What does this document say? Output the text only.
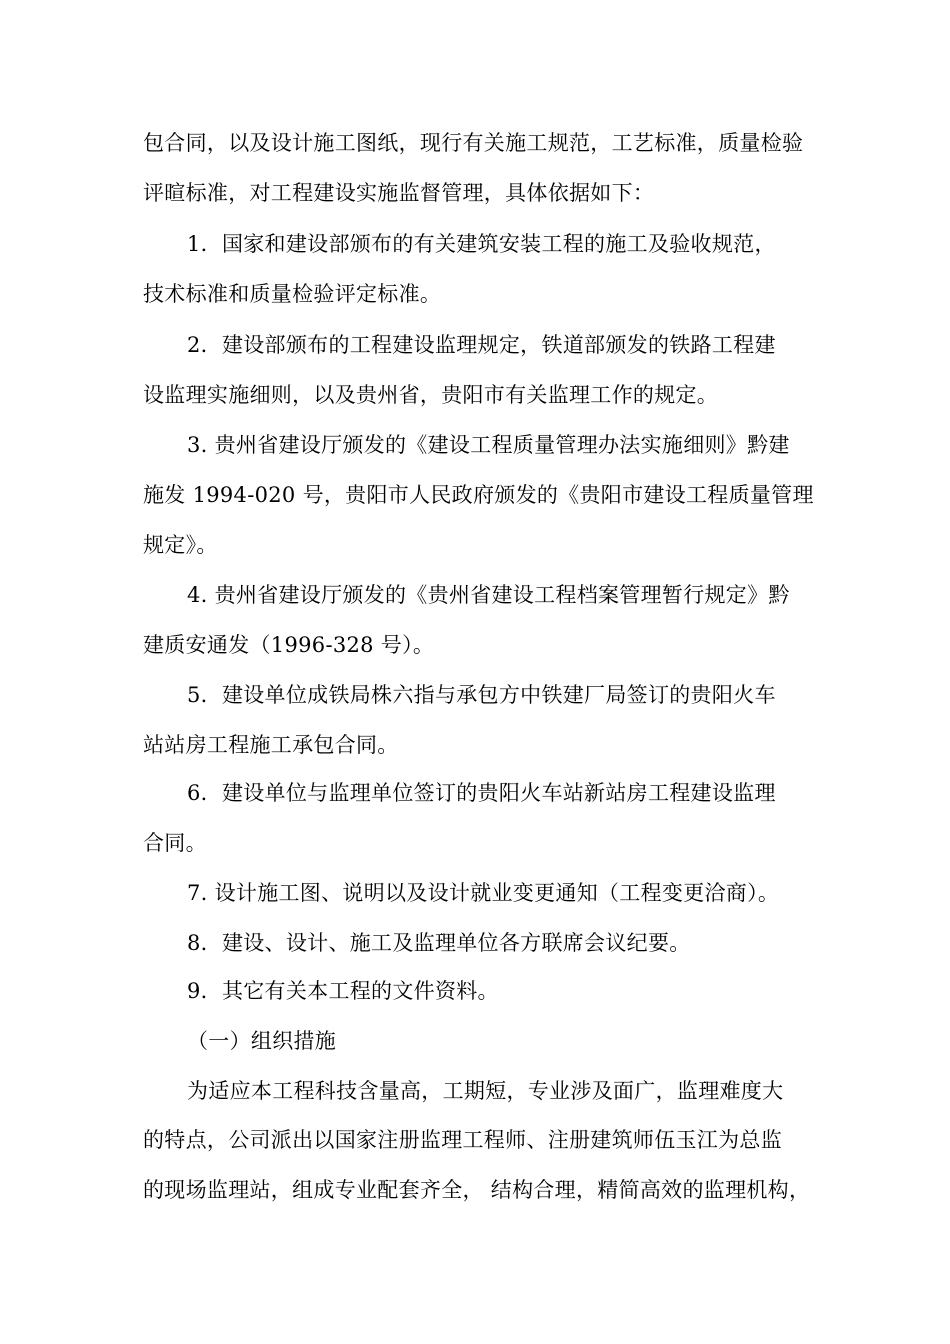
包合同，以及设计施工图纸，现行有关施工规范，工艺标准，质量检验
评暄标准，对工程建设实施监督管理，具体依据如下：
1．国家和建设部颁布的有关建筑安装工程的施工及验收规范，
技术标准和质量检验评定标准。
2．建设部颁布的工程建设监理规定，铁道部颁发的铁路工程建
设监理实施细则，以及贵州省，贵阳市有关监理工作的规定。
3. 贵州省建设厅颁发的《建设工程质量管理办法实施细则》黔建
施发 1994-020 号，贵阳市人民政府颁发的《贵阳市建设工程质量管理
规定》。
4. 贵州省建设厅颁发的《贵州省建设工程档案管理暂行规定》黔
建质安通发（1996-328 号）。
5．建设单位成铁局株六指与承包方中铁建厂局签订的贵阳火车
站站房工程施工承包合同。
6．建设单位与监理单位签订的贵阳火车站新站房工程建设监理
合同。
7. 设计施工图、说明以及设计就业变更通知（工程变更洽商）。
8．建设、设计、施工及监理单位各方联席会议纪要。
9．其它有关本工程的文件资料。
（一）组织措施
为适应本工程科技含量高，工期短，专业涉及面广，监理难度大
的特点，公司派出以国家注册监理工程师、注册建筑师伍玉江为总监
的现场监理站，组成专业配套齐全， 结构合理，精简高效的监理机构，
